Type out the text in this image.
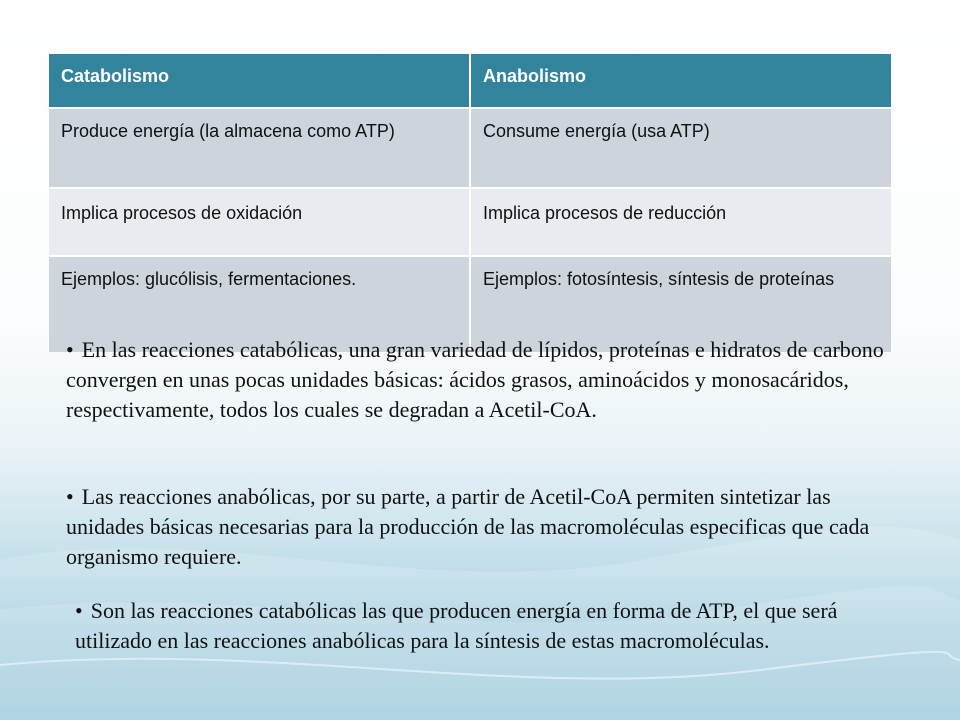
Catabolismo	Anabolismo
Produce energía (la almacena como ATP)	Consume energía (usa ATP)
Implica procesos de oxidación	Implica procesos de reducción
Ejemplos: glucólisis, fermentaciones.	Ejemplos: fotosíntesis, síntesis de proteínas

• En las reacciones catabólicas, una gran variedad de lípidos, proteínas e hidratos de carbono convergen en unas pocas unidades básicas: ácidos grasos, aminoácidos y monosacáridos, respectivamente, todos los cuales se degradan a Acetil-CoA.

• Las reacciones anabólicas, por su parte, a partir de Acetil-CoA permiten sintetizar las unidades básicas necesarias para la producción de las macromoléculas especificas que cada organismo requiere.

• Son las reacciones catabólicas las que producen energía en forma de ATP, el que será utilizado en las reacciones anabólicas para la síntesis de estas macromoléculas.
